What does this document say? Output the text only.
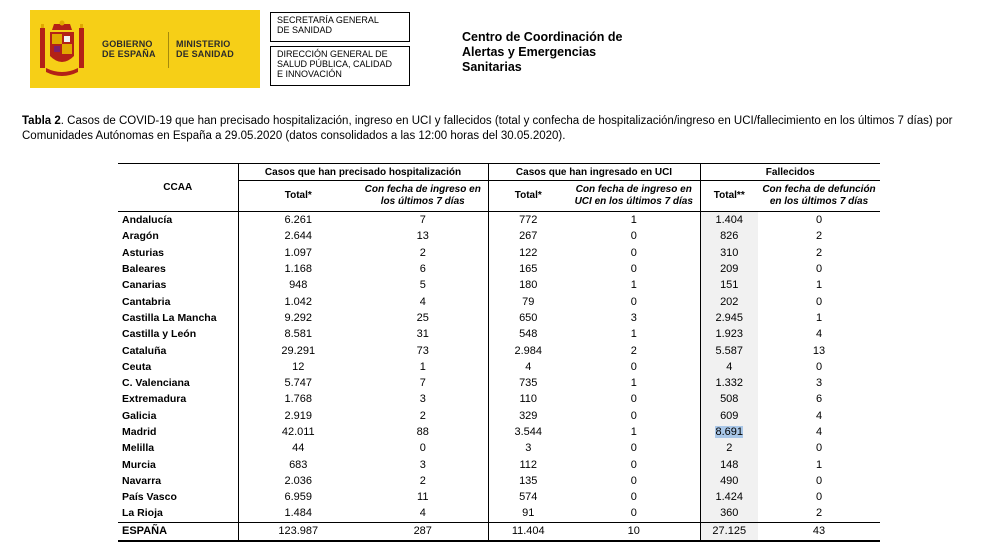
GOBIERNO
DE ESPAÑA
MINISTERIO
DE SANIDAD
SECRETARÍA GENERAL
DE SANIDAD
DIRECCIÓN GENERAL DE
SALUD PÚBLICA, CALIDAD
E INNOVACIÓN
Centro de Coordinación de
Alertas y Emergencias
Sanitarias
Tabla 2. Casos de COVID-19 que han precisado hospitalización, ingreso en UCI y fallecidos (total y confecha de hospitalización/ingreso en UCI/fallecimiento en los últimos 7 días) por Comunidades Autónomas en España a 29.05.2020 (datos consolidados a las 12:00 horas del 30.05.2020).
CCAA	Casos que han precisado hospitalización		Casos que han ingresado en UCI		Fallecidos	
	Total*	Con fecha de ingreso en los últimos 7 días	Total*	Con fecha de ingreso en UCI en los últimos 7 días	Total**	Con fecha de defunción en los últimos 7 días
Andalucía	6.261	7	772	1	1.404	0
Aragón	2.644	13	267	0	826	2
Asturias	1.097	2	122	0	310	2
Baleares	1.168	6	165	0	209	0
Canarias	948	5	180	1	151	1
Cantabria	1.042	4	79	0	202	0
Castilla La Mancha	9.292	25	650	3	2.945	1
Castilla y León	8.581	31	548	1	1.923	4
Cataluña	29.291	73	2.984	2	5.587	13
Ceuta	12	1	4	0	4	0
C. Valenciana	5.747	7	735	1	1.332	3
Extremadura	1.768	3	110	0	508	6
Galicia	2.919	2	329	0	609	4
Madrid	42.011	88	3.544	1	8.691	4
Melilla	44	0	3	0	2	0
Murcia	683	3	112	0	148	1
Navarra	2.036	2	135	0	490	0
País Vasco	6.959	11	574	0	1.424	0
La Rioja	1.484	4	91	0	360	2
ESPAÑA	123.987	287	11.404	10	27.125	43
